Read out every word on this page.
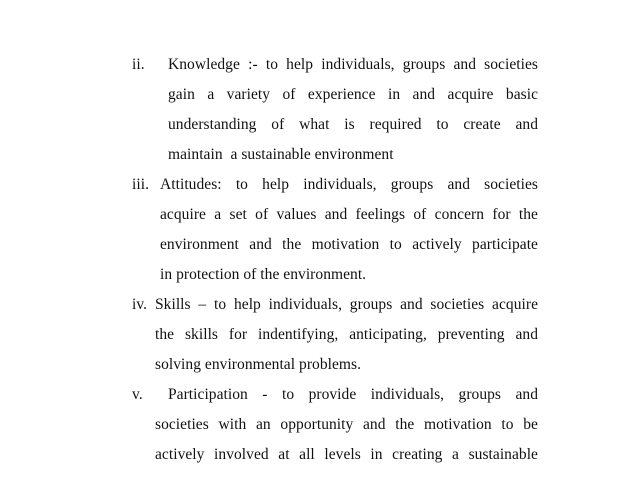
ii. Knowledge :- to help individuals, groups and societies
gain a variety of experience in and acquire basic
understanding of what is required to create and
maintain  a sustainable environment
iii. Attitudes: to help individuals, groups and societies
acquire a set of values and feelings of concern for the
environment and the motivation to actively participate
in protection of the environment.
iv. Skills – to help individuals, groups and societies acquire
the skills for indentifying, anticipating, preventing and
solving environmental problems.
v. Participation - to provide individuals, groups and
societies with an opportunity and the motivation to be
actively involved at all levels in creating a sustainable
